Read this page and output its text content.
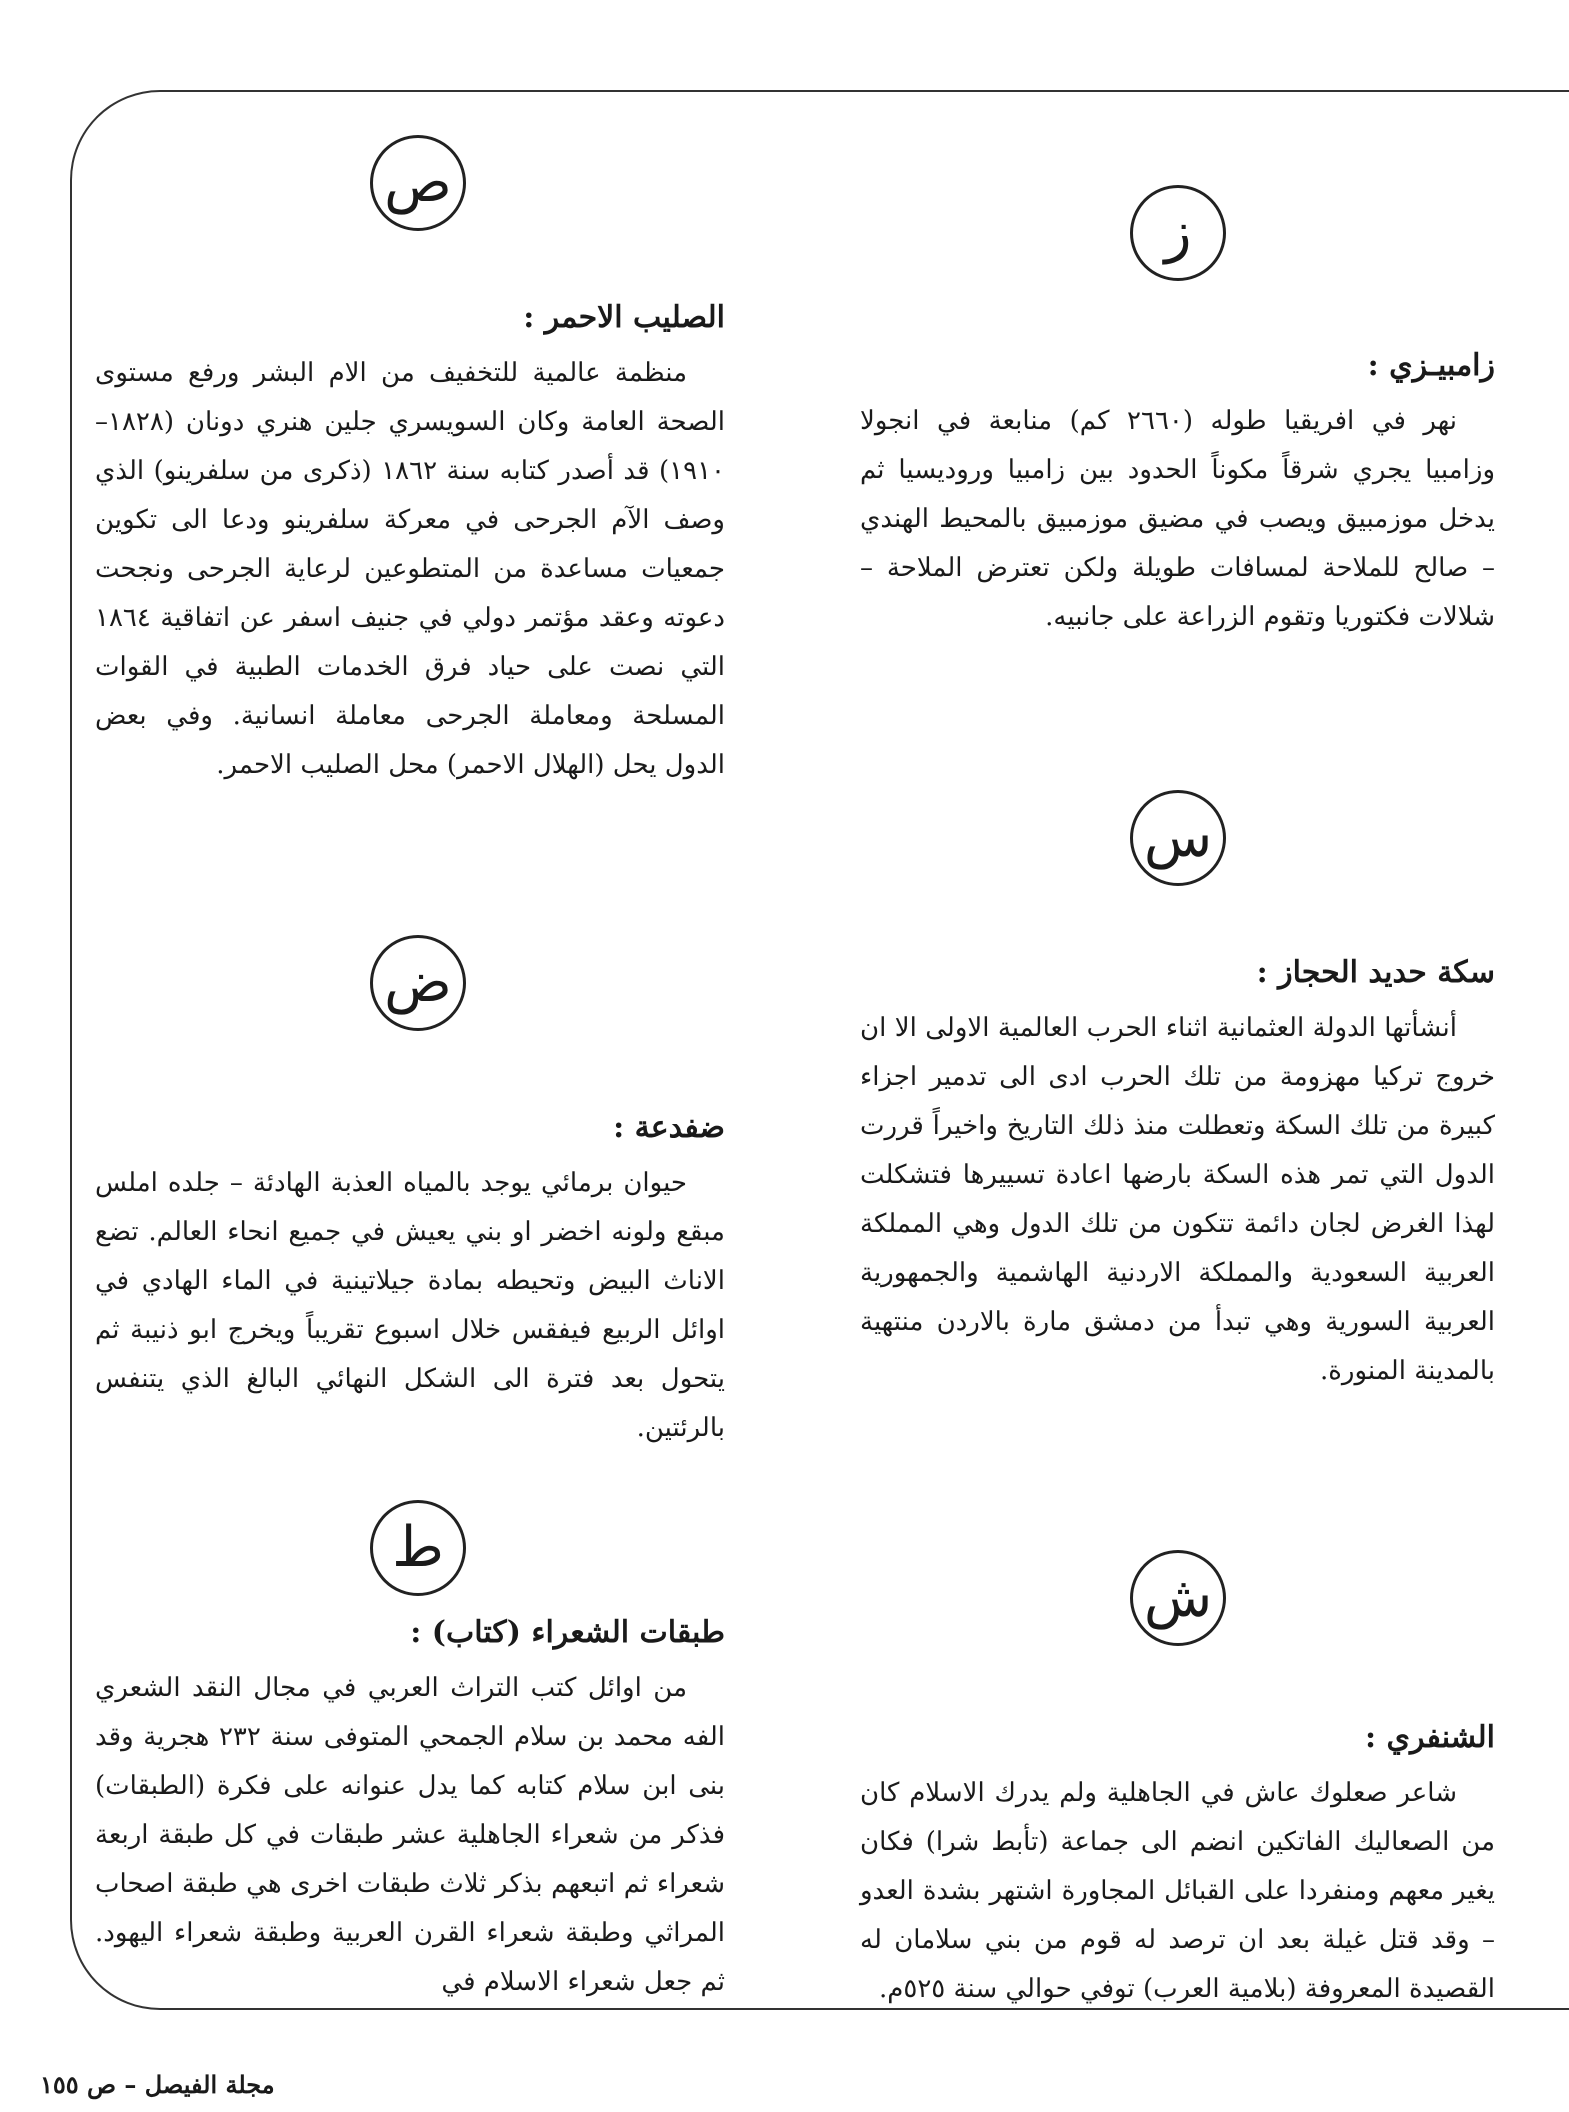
ص
ز
س
ض
ط
ش
زامبيـزي :

نهر في افريقيا طوله (٢٦٦٠ كم) منابعة في انجولا وزامبيا يجري شرقاً مكوناً الحدود بين زامبيا وروديسيا ثم يدخل موزمبيق ويصب في مضيق موزمبيق بالمحيط الهندي – صالح للملاحة لمسافات طويلة ولكن تعترض الملاحة – شلالات فكتوريا وتقوم الزراعة على جانبيه.

سكة حديد الحجاز :

أنشأتها الدولة العثمانية اثناء الحرب العالمية الاولى الا ان خروج تركيا مهزومة من تلك الحرب ادى الى تدمير اجزاء كبيرة من تلك السكة وتعطلت منذ ذلك التاريخ واخيراً قررت الدول التي تمر هذه السكة بارضها اعادة تسييرها فتشكلت لهذا الغرض لجان دائمة تتكون من تلك الدول وهي المملكة العربية السعودية والمملكة الاردنية الهاشمية والجمهورية العربية السورية وهي تبدأ من دمشق مارة بالاردن منتهية بالمدينة المنورة.

الشنفري :

شاعر صعلوك عاش في الجاهلية ولم يدرك الاسلام كان من الصعاليك الفاتكين انضم الى جماعة (تأبط شرا) فكان يغير معهم ومنفردا على القبائل المجاورة اشتهر بشدة العدو – وقد قتل غيلة بعد ان ترصد له قوم من بني سلامان له القصيدة المعروفة (بلامية العرب) توفي حوالي سنة ٥٢٥م.

الصليب الاحمر :

منظمة عالمية للتخفيف من الام البشر ورفع مستوى الصحة العامة وكان السويسري جلين هنري دونان (١٨٢٨–١٩١٠) قد أصدر كتابه سنة ١٨٦٢ (ذكرى من سلفرينو) الذي وصف الآم الجرحى في معركة سلفرينو ودعا الى تكوين جمعيات مساعدة من المتطوعين لرعاية الجرحى ونجحت دعوته وعقد مؤتمر دولي في جنيف اسفر عن اتفاقية ١٨٦٤ التي نصت على حياد فرق الخدمات الطبية في القوات المسلحة ومعاملة الجرحى معاملة انسانية. وفي بعض الدول يحل (الهلال الاحمر) محل الصليب الاحمر.

ضفدعة :

حيوان برمائي يوجد بالمياه العذبة الهادئة – جلده املس مبقع ولونه اخضر او بني يعيش في جميع انحاء العالم. تضع الاناث البيض وتحيطه بمادة جيلاتينية في الماء الهادي في اوائل الربيع فيفقس خلال اسبوع تقريباً ويخرج ابو ذنيبة ثم يتحول بعد فترة الى الشكل النهائي البالغ الذي يتنفس بالرئتين.

طبقات الشعراء (كتاب) :

من اوائل كتب التراث العربي في مجال النقد الشعري الفه محمد بن سلام الجمحي المتوفى سنة ٢٣٢ هجرية وقد بنى ابن سلام كتابه كما يدل عنوانه على فكرة (الطبقات) فذكر من شعراء الجاهلية عشر طبقات في كل طبقة اربعة شعراء ثم اتبعهم بذكر ثلاث طبقات اخرى هي طبقة اصحاب المراثي وطبقة شعراء القرن العربية وطبقة شعراء اليهود. ثم جعل شعراء الاسلام في

مجلة الفيصل – ص ١٥٥
